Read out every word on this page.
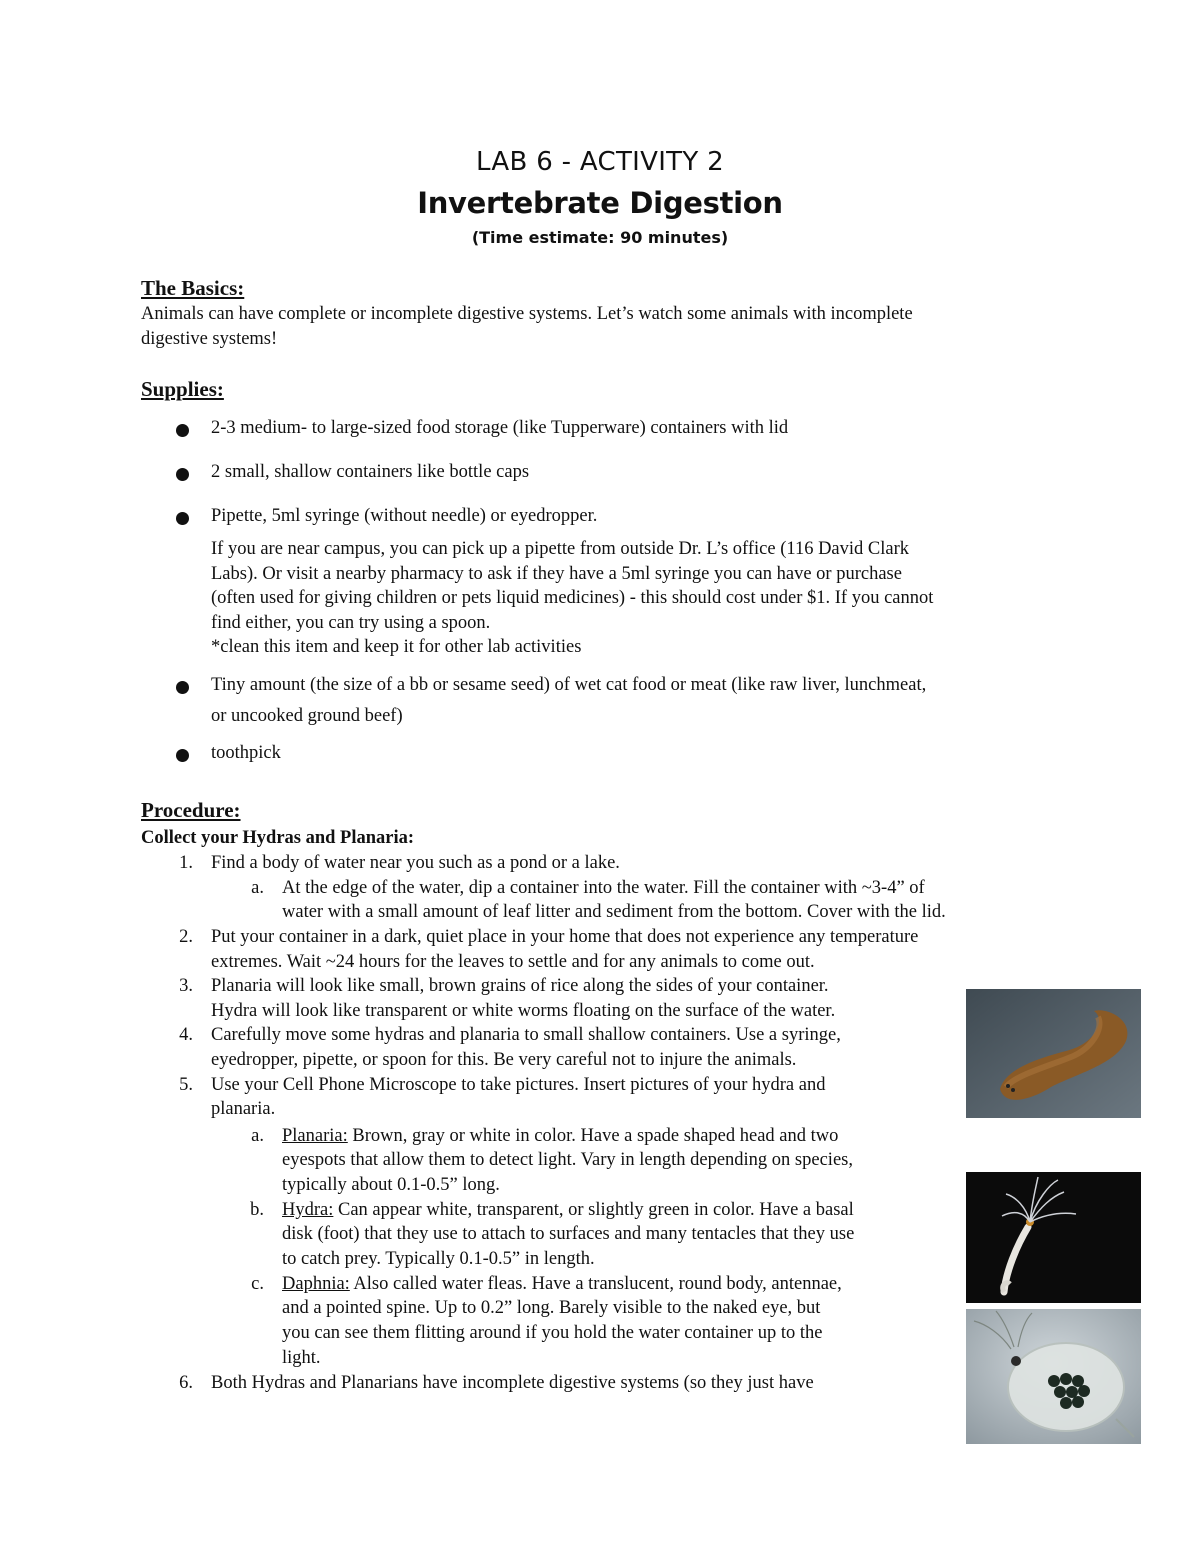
LAB 6 - ACTIVITY 2
Invertebrate Digestion
(Time estimate: 90 minutes)
The Basics:
Animals can have complete or incomplete digestive systems. Let’s watch some animals with incomplete
digestive systems!
Supplies:
2-3 medium- to large-sized food storage (like Tupperware) containers with lid
2 small, shallow containers like bottle caps
Pipette, 5ml syringe (without needle) or eyedropper.
If you are near campus, you can pick up a pipette from outside Dr. L’s office (116 David Clark
Labs). Or visit a nearby pharmacy to ask if they have a 5ml syringe you can have or purchase
(often used for giving children or pets liquid medicines) - this should cost under $1. If you cannot
find either, you can try using a spoon.
*clean this item and keep it for other lab activities
Tiny amount (the size of a bb or sesame seed) of wet cat food or meat (like raw liver, lunchmeat,
or uncooked ground beef)
toothpick
Procedure:
Collect your Hydras and Planaria:
1. Find a body of water near you such as a pond or a lake.
a. At the edge of the water, dip a container into the water. Fill the container with ~3-4” of
water with a small amount of leaf litter and sediment from the bottom. Cover with the lid.
2. Put your container in a dark, quiet place in your home that does not experience any temperature
extremes. Wait ~24 hours for the leaves to settle and for any animals to come out.
3. Planaria will look like small, brown grains of rice along the sides of your container.
Hydra will look like transparent or white worms floating on the surface of the water.
4. Carefully move some hydras and planaria to small shallow containers. Use a syringe,
eyedropper, pipette, or spoon for this. Be very careful not to injure the animals.
5. Use your Cell Phone Microscope to take pictures. Insert pictures of your hydra and
planaria.
a. Planaria: Brown, gray or white in color. Have a spade shaped head and two
eyespots that allow them to detect light. Vary in length depending on species,
typically about 0.1-0.5” long.
b. Hydra: Can appear white, transparent, or slightly green in color. Have a basal
disk (foot) that they use to attach to surfaces and many tentacles that they use
to catch prey. Typically 0.1-0.5” in length.
c. Daphnia: Also called water fleas. Have a translucent, round body, antennae,
and a pointed spine. Up to 0.2” long. Barely visible to the naked eye, but
you can see them flitting around if you hold the water container up to the
light.
6. Both Hydras and Planarians have incomplete digestive systems (so they just have
